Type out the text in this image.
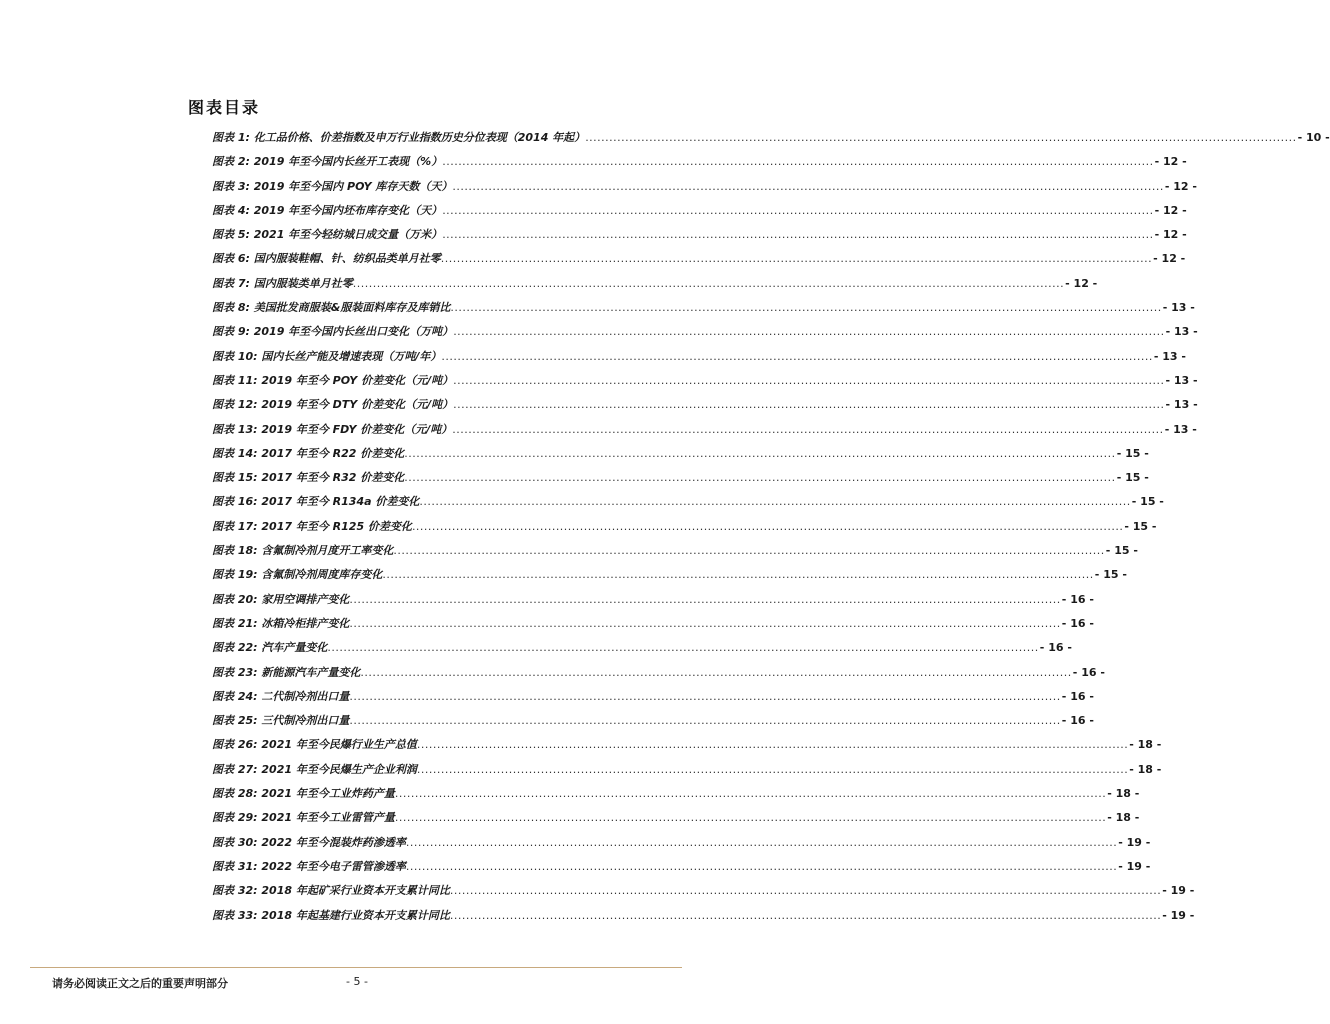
图表目录
图表 1:
化工品价格、价差指数及申万行业指数历史分位表现（2014 年起） .....	- 10 -
图表 2:
2019 年至今国内长丝开工表现（%） .....	- 12 -
图表 3:
2019 年至今国内 POY 库存天数（天） .....	- 12 -
图表 4:
2019 年至今国内坯布库存变化（天） .....	- 12 -
图表 5:
2021 年至今轻纺城日成交量（万米） .....	- 12 -
图表 6:
国内服装鞋帽、针、纺织品类单月社零 .....	- 12 -
图表 7:
国内服装类单月社零 .....	- 12 -
图表 8:
美国批发商服装&服装面料库存及库销比 .....	- 13 -
图表 9:
2019 年至今国内长丝出口变化（万吨） .....	- 13 -
图表 10:
国内长丝产能及增速表现（万吨/年） .....	- 13 -
图表 11:
2019 年至今 POY 价差变化（元/吨） .....	- 13 -
图表 12:
2019 年至今 DTY 价差变化（元/吨） .....	- 13 -
图表 13:
2019 年至今 FDY 价差变化（元/吨） .....	- 13 -
图表 14:
2017 年至今 R22 价差变化 .....	- 15 -
图表 15:
2017 年至今 R32 价差变化 .....	- 15 -
图表 16:
2017 年至今 R134a 价差变化 .....	- 15 -
图表 17:
2017 年至今 R125 价差变化 .....	- 15 -
图表 18:
含氟制冷剂月度开工率变化 .....	- 15 -
图表 19:
含氟制冷剂周度库存变化 .....	- 15 -
图表 20:
家用空调排产变化 .....	- 16 -
图表 21:
冰箱冷柜排产变化 .....	- 16 -
图表 22:
汽车产量变化 .....	- 16 -
图表 23:
新能源汽车产量变化 .....	- 16 -
图表 24:
二代制冷剂出口量 .....	- 16 -
图表 25:
三代制冷剂出口量 .....	- 16 -
图表 26:
2021 年至今民爆行业生产总值 .....	- 18 -
图表 27:
2021 年至今民爆生产企业利润 .....	- 18 -
图表 28:
2021 年至今工业炸药产量 .....	- 18 -
图表 29:
2021 年至今工业雷管产量 .....	- 18 -
图表 30:
2022 年至今混装炸药渗透率 .....	- 19 -
图表 31:
2022 年至今电子雷管渗透率 .....	- 19 -
图表 32:
2018 年起矿采行业资本开支累计同比 .....	- 19 -
图表 33:
2018 年起基建行业资本开支累计同比 .....	- 19 -
请务必阅读正文之后的重要声明部分	- 5 -
